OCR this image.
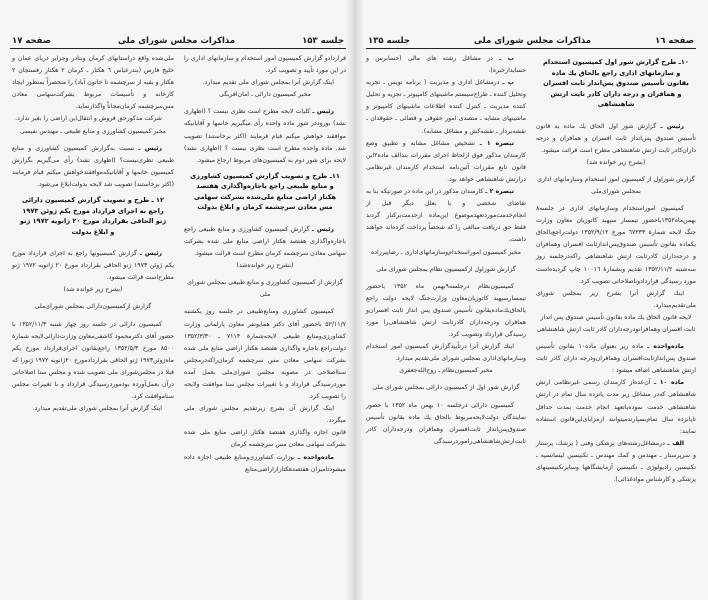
جلسه ۱۵۳
مذاکرات مجلس شورای ملی
صفحه ۱۷

قراردادو گزارش کمیسیون امور استخدام و سازمانهای اداری را در این مورد تأیید و تصویب کرد.

اینک گزارش آنرا بمجلس شورای ملی تقدیم میدارد.

مخبر کمیسیون دارائی ـ امان‌افریگی

رئیس ـ کلیات لایحه مطرح است نظری نیست ؟ (اظهاری نشد) بوروددر شور ماده واحده رأی میگیریم خانمها و آقایانیکه موافقند خواهش میکنم قیام فرمایند (اکثر برخاستند) تصویب شد. ماده واحده مطرح است نظری نیست ؟ (اظهاری نشد) لایحه برای شور دوم به کمیسیون‌های مربوط ارجاع میشود.

۱۱ـ طرح و تصویب گزارش کمیسیون کشاورزی و منابع طبیعی راجع باجاره‌واگذاری هفتصد هکتار اراضی منابع ملی‌شده بشرکت سهامی مس معادن سرچشمه کرمان و ابلاغ بدولت

رئیس ـ گزارش کمیسیون کشاورزی و منابع طبیعی راجع باجاره‌واگذاری هفتصد هکتار اراضی منابع ملی شده بشرکت سهامی معادن سرچشمه کرمان مطرح است قرائت میشود.

(بشرح زیر خوانده‌شد)

گزارش از کمیسیون کشاورزی و منابع طبیعی بمجلس شورای ملی

کمیسیون کشاورزی ومنابع‌طبیعی در جلسه روز یکشنبه ۵۲/۱۱/۷ باحضور آقای دکتر همایونفر معاون پارلمانی وزارت کشاورزی‌ومنابع طبیعی لایحه‌شمارهٔ ۷۱۱۴ ـ ۱۳۵۲/۳/۳۰ دولت‌راجع باجاره واگذاری هفتصد هکتار اراضی منابع ملی شده بشرکت سهامی معادن مس سرچشمه کرمان‌راکه‌درمجلس سنااصلاحی در مصوبه مجلس شورای‌ملی بعمل آمده موردرسیدگی قرارداد و با تغییرات مجلس سنا موافقت ولایحه را تصویب کرد.

اینک گزارش آن بشرح زیرتقدیم مجلس شورای ملی میگردد.

قانون اجازه واگذاری هفتصد هکتار اراضی منابع ملی شده بشرکت سهامی معادن مس سرچشمه کرمان

ماده‌واحده ـ بوزارت کشاورزی‌ومنابع طبیعی اجازه داده میشودتامیزان هفتصدهکتارازاراضی‌منابع

ملی‌شده واقع دراستانهای کرمان وبنادر وجزایر دریای عمان و خلیج فارس (بندرعباس ٦ هکتار ـ کرمان ۲ هکتار رفسنجان ۲ هکتار و بقیه از سرچشمه تا خاتون آباد) را منحصراً بمنظور ایجاد کارخانه و تأسیسات مربوط بشرکت‌سهامی معادن مس‌سرچشمه کرمان‌مجاناً واگذارنماید.

شرکت مذکورحق فروش و انتقال‌این اراضی را بغیر ندارد.

مخبر کمیسیون کشاورزی و منابع طبیعی ـ مهندس نفیسی

رئیس ـ نسبت به‌گزارش کمیسیون کشاورزی و منابع طبیعی نظری‌نیست؟ (اظهاری نشد) رأی می‌گیریم بگزارش کمیسیون خانمها و آقایانیکه‌موافقندخواهش میکنم قیام فرمایند (اکثر برخاستند) تصویب شد لایحه بدولت‌ابلاغ می‌شود.

۱۲ ـ طرح و تصویب گزارش کمیسیون دارائی راجع به اجرای قرارداد مورخ یکم ژوئن ۱۹۷۳ ژنو الحاقی بقرارداد مورخ ۲۰ ژانویه ۱۹۷۲ ژنو و ابلاغ بدولت

رئیس ـ گزارش کمیسیونها راجع به اجرای قرارداد مورخ یکم ژوئن ۱۹۷۳ ژنو الحاقی بقرارداد مورخ ۲۰ ژانویه ۱۹۷۲ ژنو مطرح‌است قرائت میشود.

(بشرح زیر خوانده شد)

گزارش ازکمیسیون‌دارائی بمجلس شورای‌ملی

کمیسیون دارائی در جلسه روز چهار شنبه ۱۳۵۲/۱۱/۳ با حضور آقای دکترمحمود کاشفی‌معاون وزارت‌دارائی‌لایحه شمارهٔ ۸۵۰۰ مورخ ۱۳۵۲/۵/۳ راجع‌بقانون اجرای‌قرارداد مورخ یکم ماه‌ژوئن۱۹۷۳ ژنو الحاقی بقراردادمورخ ۲۰ژانویه ۱۹۷۲ ژنورا که قبلا در مجلس‌شورای ملی تصویب شده و مجلس سنا اصلاحاتی درآن بعمل‌آورده بودموردرسیدگی قرارداد و با تغییرات مجلس سناموافقت کرد.

اینک گزارش آنرا بمجلس شورای ملی‌تقدیم میدارد.

صفحه ۱٦
مذاکرات مجلس شورای ملی
جلسه ۱۳۵

۱۰ـ طرح گزارش شور اول کمیسیون استخدام و سازمانهای اداری راجع بالحاق یك ماده بقانون تأسیس صندوق پس‌انداز ثابت افسران و همافران و درجه داران کادر ثابت ارتش شاهنشاهی

رئیس ـ گزارش شور اول الحاق یك ماده به قانون تأسیس صندوق پس‌انداز ثابت افسران و همافران و درجه داران‌کادر ثابت ارتش شاهنشاهی مطرح است قرائت میشود.

(بشرح زیر خوانده شد)

گزارش شوراول از کمیسیون امور استخدام وسازمانهای اداری بمجلس شورای‌ملی

کمیسیون اموراستخدام وسازمانهای اداری در جلسه۸ بهمن‌ماه۱۳۵۲باحضور تیمسار سپهبد کاتوزیان معاون وزارت جنگ لایحه شمارهٔ ٦۷۲۳۳ مورخ ۱۳۵۲/۹/۱۲ دولت‌راجع‌بالحاق یکماده بقانون تأسیس صندوق‌پس‌انداز‌ثابت افسران وهمافران و درجه‌داران کادرثابت ارتش شاهنشاهی راکه‌درجلسه روز سه‌شنبه ۱۳۵۲/۱۱/۲ تقدیم وبشمارهٔ ۱۰۰۱٦ چاپ گردیده‌است مورد رسیدگی قرارداد‌وباصلاحاتی تصویب کرد.

اینك گزارش آنرا بشرح زیر بمجلس شورای ملی‌تقدیم‌میدارد.

لایحه قانون الحاق یك ماده بقانون تأسیس صندوق پس انداز ثابت افسران وهمافرانودرجه‌داران کادر ثابت ارتش شاهنشاهی

ماده‌واحده ـ ماده زیر بعنوان ماده۱۰ بقانون تأسیس صندوق پس‌اندازثابت‌افسران وهمافران‌ودرجه داران کادر ثابت ارتش شاهنشاهی اضافه میشود :

ماده ۱۰ ـ آن‌عده‌از کارمندان رسمی غیرنظامی ارتش شاهنشاهی که‌در مشاغل زیر مدت پانزده سال تمام در ارتش شاهنشاهی خدمت نموده‌یاتعهد انجام خدمت بمدت حداقل تاپانزده سال تمام‌بسپارند‌میتوانند ازمزایای‌این‌قانون استفاده نمایند:

الف ـ درمشاغل‌رشته‌های پزشکی وفنی ( پزشك، پرستار و سرپرستار ـ مهندس و کمك مهندس ـ تکنیسین لیسانسیه ـ تکنیسین رادیولوژی ـ تکنیسین آزمایشگاهها وسایرتکنیسینهای پزشکی و کارشناس موادغذائی).

ب ـ در مشاغل رشته های مالی (حسابرس و حسابدارخبره).

پ ـ درمشاغل اداری و مدیریت ( برنامه نویس ـ تجزیه وتحلیل کننده ـ طراح‌سیستم ماشینهای کامپیوتر ـ تجزیه و تحلیل کننده مدیریت ـ کنترل کننده اطلاعات ماشینهای کامپیوتر و ماشینهای مشابه ـ متصدی امور حقوقی و قضائی ـ حقوقدان ـ نقشه‌بردار ـ نقشه‌کش و مشاغل مشابه).

تبصره ۱ ـ تشخیص مشاغل مشابه و تطبیق وضع کارمندان مذکور فوق ازلحاظ اجرای مقررات بندالف ماده۲این قانون تابع مقررات آئین‌نامه استخدام کارمندان غیرنظامی درارتش شاهنشاهی خواهد بود.

تبصره ۲ ـ کارمندان مذکور در این ماده در صورتیکه بنا به تقاضای شخصی و یا بعلل دیگر قبل از انجام‌خدمت‌موردتعهدموضوع این‌ماده ازخدمت‌برکنار گردند فقط حق دریافت مبالغی را که شخصاً پرداخت کرده‌اند خواهند داشت.

مخبر کمیسیون اموراستخدام‌وسازمانهای‌اداری ـ رضاپیرزاده

گزارش شوراول ازکمیسیون نظام بمجلس شورای ملی

کمیسیون‌نظام درجلسه۹بهمن ماه ۱۳۵۲ باحضور تیمسارسپهبد کاتوزیان‌معاون وزارت‌جنگ لایحه دولت راجع بالحاق‌یك‌ماده‌بقانون تأسیس صندوق پس انداز ثابت افسران‌و همافران ودرجه‌داران کادرثابت ارتش شاهنشاهی‌را مورد رسیدگی قرارداد وتصویب کرد.

اینك گزارش آنرا درتأییدگزارش کمیسیون امور استخدام وسازمانهای‌اداری بمجلس شورای ملی‌تقدیم میدارد.

مخبر کمیسیون‌نظام ـ روح‌الله‌جعفری

گزارش شور اول از کمیسیون دارائی بمجلس شورای ملی

کمیسیون دارائی درجلسه ۱۰ بهمن ماه ۱۳۵۲ با حضور نمایندگان دولت‌لایحه‌مربوط بالحاق یك ماده بقانون تأسیس صندوق‌پس‌انداز ثابت‌افسران وهمافران ودرجه‌داران کادر ثابت‌ارتش‌شاهنشاهی‌راموردرسیدگی
